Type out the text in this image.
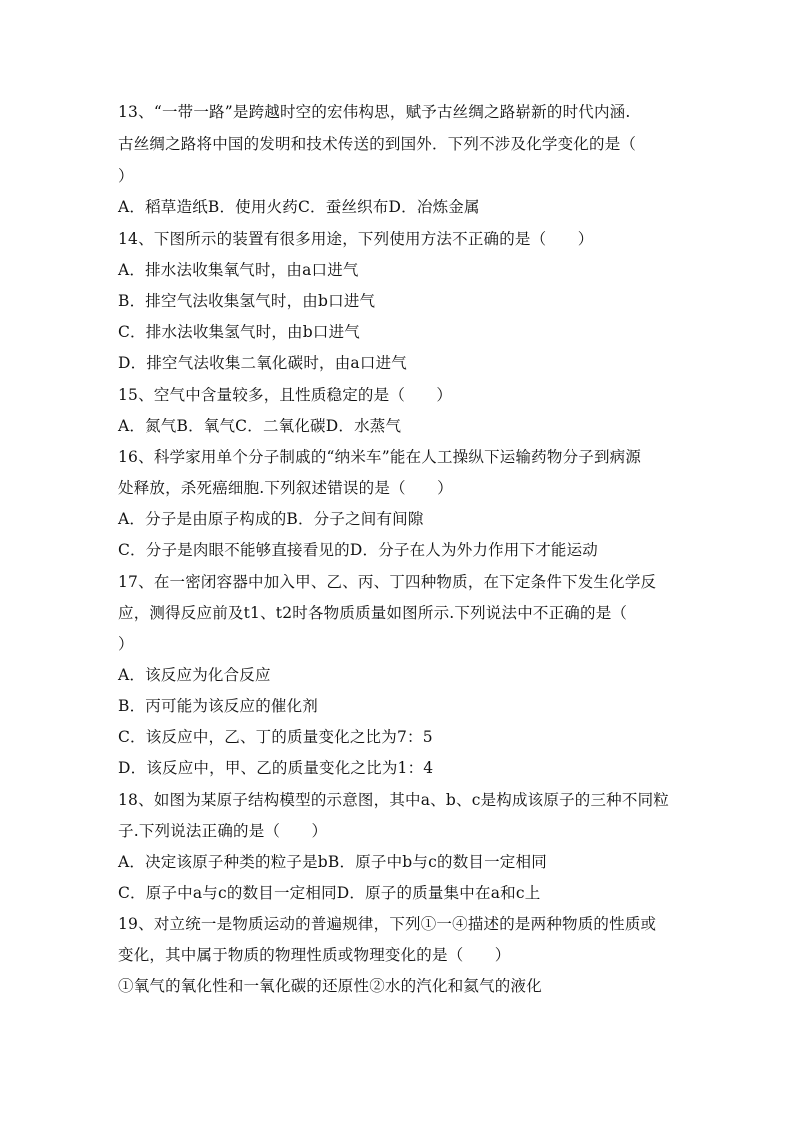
13、“一带一路”是跨越时空的宏伟构思，赋予古丝绸之路崭新的时代内涵.
古丝绸之路将中国的发明和技术传送的到国外．下列不涉及化学变化的是（
）
A．稻草造纸B．使用火药C．蚕丝织布D．冶炼金属
14、下图所示的装置有很多用途，下列使用方法不正确的是（　　）
A．排水法收集氧气时，由a口进气
B．排空气法收集氢气时，由b口进气
C．排水法收集氢气时，由b口进气
D．排空气法收集二氧化碳时，由a口进气
15、空气中含量较多，且性质稳定的是（　　）
A．氮气B．氧气C．二氧化碳D．水蒸气
16、科学家用单个分子制戚的“纳米车”能在人工操纵下运输药物分子到病源
处释放，杀死癌细胞.下列叙述错误的是（　　）
A．分子是由原子构成的B．分子之间有间隙
C．分子是肉眼不能够直接看见的D．分子在人为外力作用下才能运动
17、在一密闭容器中加入甲、乙、丙、丁四种物质，在下定条件下发生化学反
应，测得反应前及t1、t2时各物质质量如图所示.下列说法中不正确的是（
）
A．该反应为化合反应
B．丙可能为该反应的催化剂
C．该反应中，乙、丁的质量变化之比为7：5
D．该反应中，甲、乙的质量变化之比为1：4
18、如图为某原子结构模型的示意图，其中a、b、c是构成该原子的三种不同粒
子.下列说法正确的是（　　）
A．决定该原子种类的粒子是bB．原子中b与c的数目一定相同
C．原子中a与c的数目一定相同D．原子的质量集中在a和c上
19、对立统一是物质运动的普遍规律，下列①一④描述的是两种物质的性质或
变化，其中属于物质的物理性质或物理变化的是（　　）
①氧气的氧化性和一氧化碳的还原性②水的汽化和氦气的液化
